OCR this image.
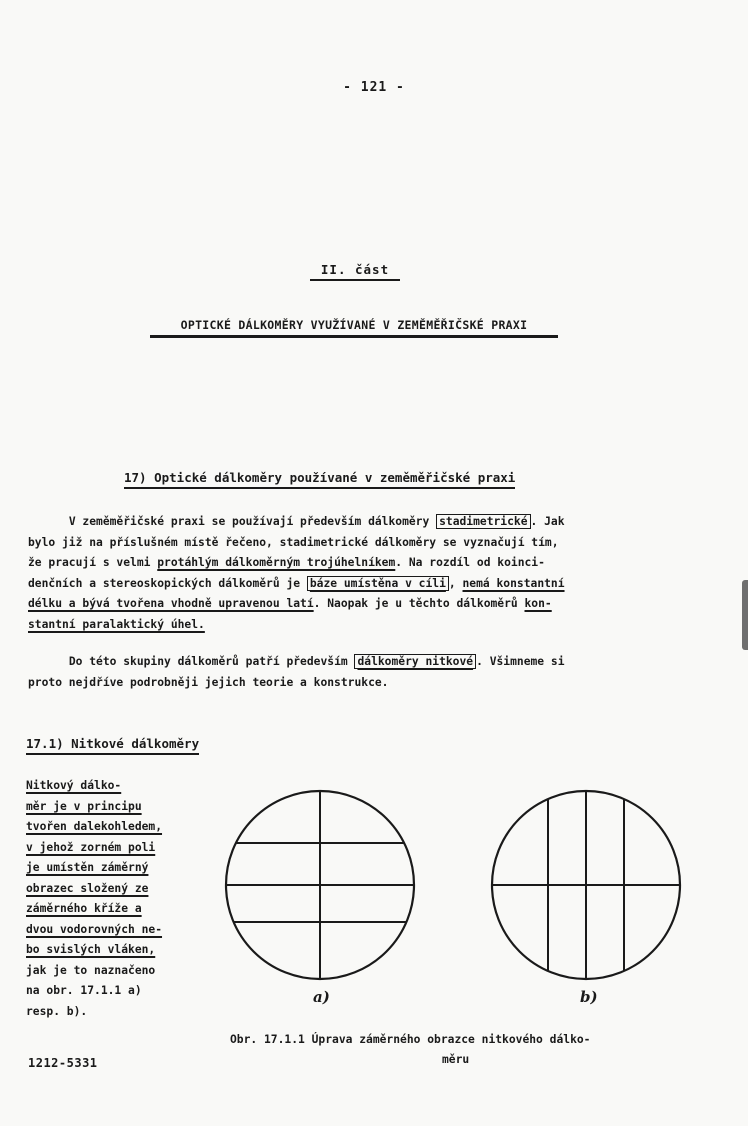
- 121 -
II. část
OPTICKÉ DÁLKOMĚRY VYUŽÍVANÉ V ZEMĚMĚŘIČSKÉ PRAXI
17) Optické dálkoměry používané v zeměměřičské praxi
V zeměměřičské praxi se používají především dálkoměry stadimetrické . Jak
bylo již na příslušném místě řečeno, stadimetrické dálkoměry se vyznačují tím,
že pracují s velmi protáhlým dálkoměrným trojúhelníkem. Na rozdíl od koinci-
denčních a stereoskopických dálkoměrů je báze umístěna v cíli , nemá konstantní
délku a bývá tvořena vhodně upravenou latí. Naopak je u těchto dálkoměrů kon-
stantní paralaktický úhel.
Do této skupiny dálkoměrů patří především dálkoměry nitkové . Všimneme si
proto nejdříve podrobněji jejich teorie a konstrukce.
17.1) Nitkové dálkoměry
Nitkový dálko-
měr je v principu
tvořen dalekohledem,
v jehož zorném poli
je umístěn záměrný
obrazec složený ze
záměrného kříže a
dvou vodorovných ne-
bo svislých vláken,
jak je to naznačeno
na obr. 17.1.1 a)
resp. b).
a)	b)
Obr. 17.1.1 Úprava záměrného obrazce nitkového dálko-
měru
1212-5331
